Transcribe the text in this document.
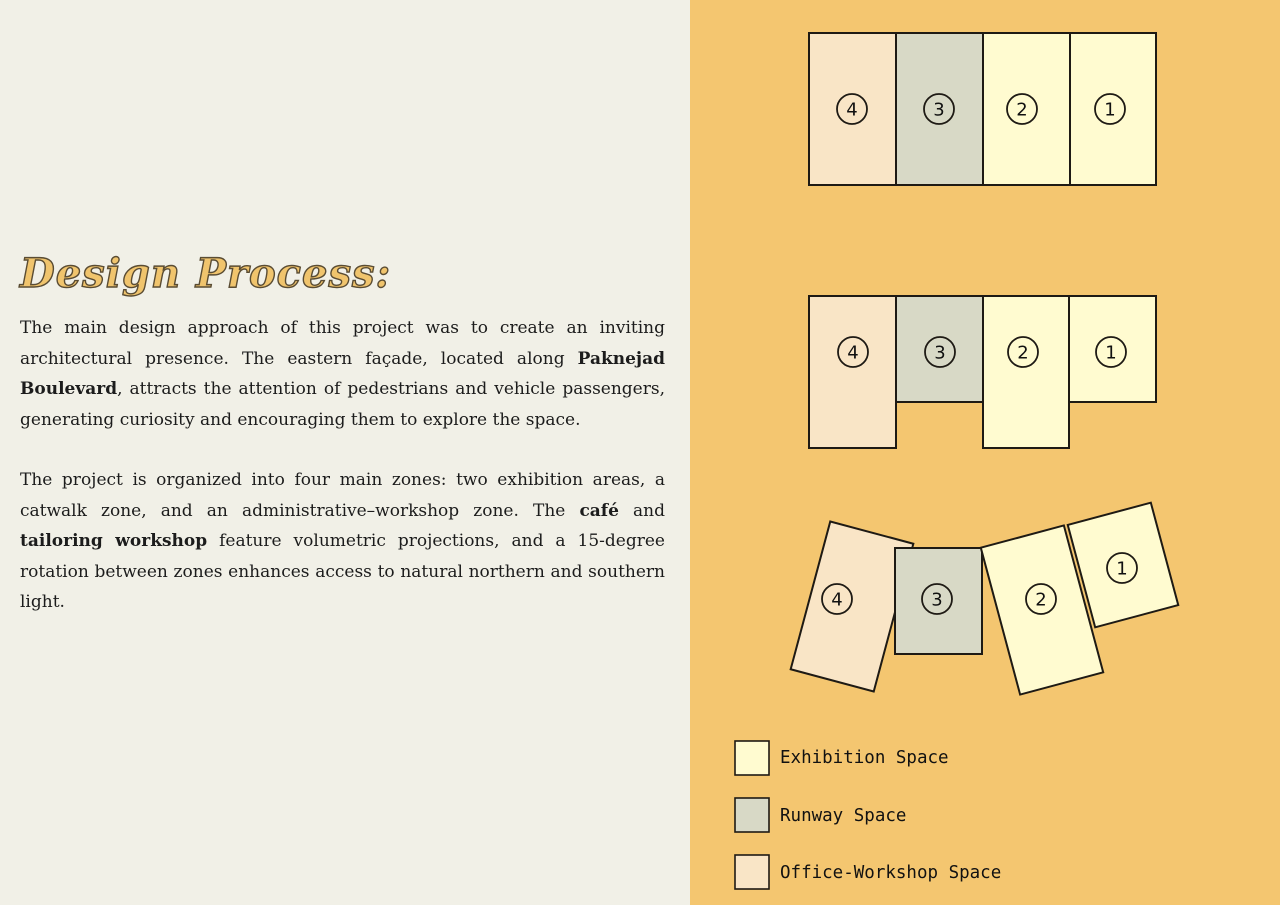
Design Process:

The main design approach of this project was to create an inviting architectural presence. The eastern façade, located along Paknejad Boulevard, attracts the attention of pedestrians and vehicle passengers, generating curiosity and encouraging them to explore the space.

The project is organized into four main zones: two exhibition areas, a catwalk zone, and an administrative–workshop zone. The café and tailoring workshop feature volumetric projections, and a 15-degree rotation between zones enhances access to natural northern and southern light.

4	3	2	1
4	3	2	1
4	3	2
1
Exhibition Space
Runway Space
Office-Workshop Space
